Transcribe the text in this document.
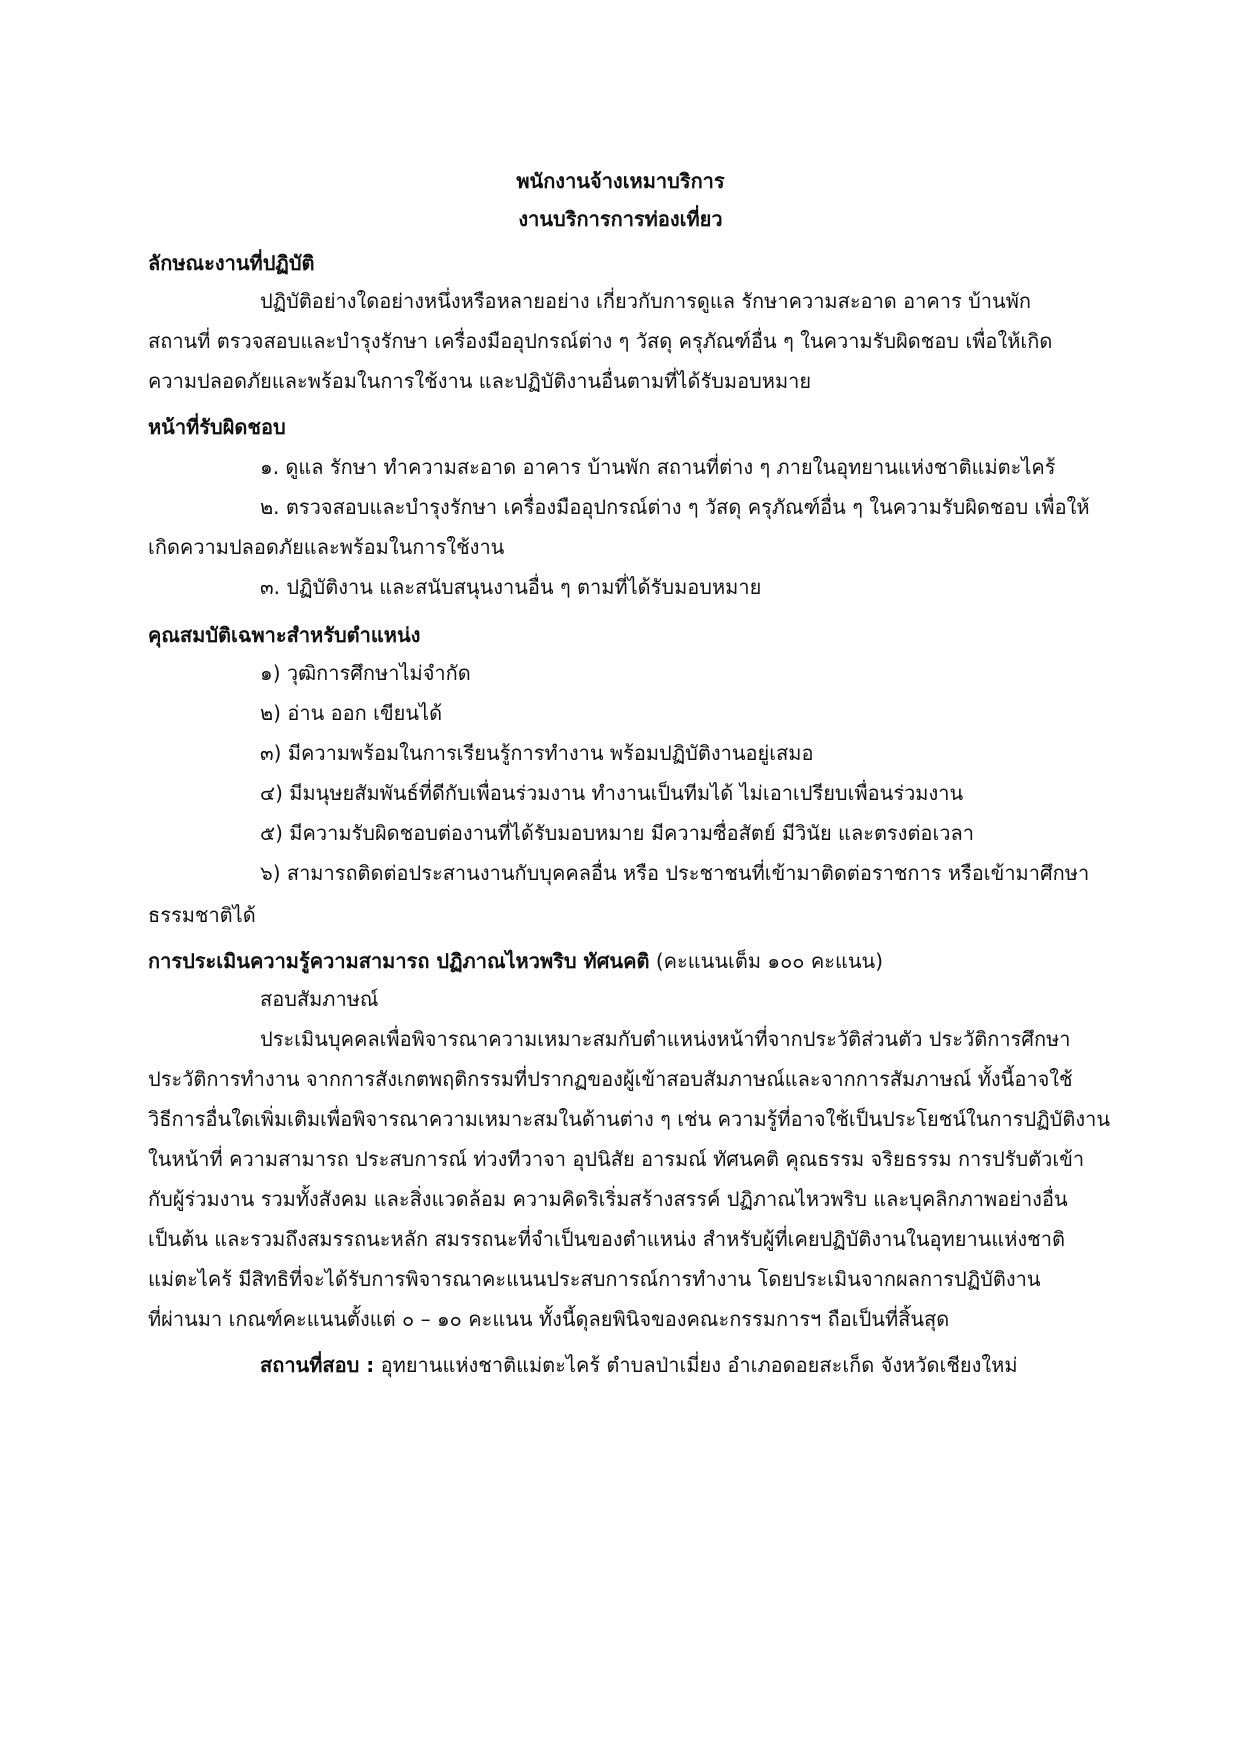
พนักงานจ้างเหมาบริการ
งานบริการการท่องเที่ยว
ลักษณะงานที่ปฏิบัติ
ปฏิบัติอย่างใดอย่างหนึ่งหรือหลายอย่าง เกี่ยวกับการดูแล รักษาความสะอาด อาคาร บ้านพัก
สถานที่ ตรวจสอบและบำรุงรักษา เครื่องมืออุปกรณ์ต่าง ๆ วัสดุ ครุภัณฑ์อื่น ๆ ในความรับผิดชอบ เพื่อให้เกิด
ความปลอดภัยและพร้อมในการใช้งาน และปฏิบัติงานอื่นตามที่ได้รับมอบหมาย
หน้าที่รับผิดชอบ
๑. ดูแล รักษา ทำความสะอาด อาคาร บ้านพัก สถานที่ต่าง ๆ ภายในอุทยานแห่งชาติแม่ตะไคร้
๒. ตรวจสอบและบำรุงรักษา เครื่องมืออุปกรณ์ต่าง ๆ วัสดุ ครุภัณฑ์อื่น ๆ ในความรับผิดชอบ เพื่อให้
เกิดความปลอดภัยและพร้อมในการใช้งาน
๓. ปฏิบัติงาน และสนับสนุนงานอื่น ๆ ตามที่ได้รับมอบหมาย
คุณสมบัติเฉพาะสำหรับตำแหน่ง
๑) วุฒิการศึกษาไม่จำกัด
๒) อ่าน ออก เขียนได้
๓) มีความพร้อมในการเรียนรู้การทำงาน พร้อมปฏิบัติงานอยู่เสมอ
๔) มีมนุษยสัมพันธ์ที่ดีกับเพื่อนร่วมงาน ทำงานเป็นทีมได้ ไม่เอาเปรียบเพื่อนร่วมงาน
๕) มีความรับผิดชอบต่องานที่ได้รับมอบหมาย มีความซื่อสัตย์ มีวินัย และตรงต่อเวลา
๖) สามารถติดต่อประสานงานกับบุคคลอื่น หรือ ประชาชนที่เข้ามาติดต่อราชการ หรือเข้ามาศึกษา
ธรรมชาติได้
การประเมินความรู้ความสามารถ ปฏิภาณไหวพริบ ทัศนคติ (คะแนนเต็ม ๑๐๐ คะแนน)
สอบสัมภาษณ์
ประเมินบุคคลเพื่อพิจารณาความเหมาะสมกับตำแหน่งหน้าที่จากประวัติส่วนตัว ประวัติการศึกษา
ประวัติการทำงาน จากการสังเกตพฤติกรรมที่ปรากฏของผู้เข้าสอบสัมภาษณ์และจากการสัมภาษณ์ ทั้งนี้อาจใช้
วิธีการอื่นใดเพิ่มเติมเพื่อพิจารณาความเหมาะสมในด้านต่าง ๆ เช่น ความรู้ที่อาจใช้เป็นประโยชน์ในการปฏิบัติงาน
ในหน้าที่ ความสามารถ ประสบการณ์ ท่วงทีวาจา อุปนิสัย อารมณ์ ทัศนคติ คุณธรรม จริยธรรม การปรับตัวเข้า
กับผู้ร่วมงาน รวมทั้งสังคม และสิ่งแวดล้อม ความคิดริเริ่มสร้างสรรค์ ปฏิภาณไหวพริบ และบุคลิกภาพอย่างอื่น
เป็นต้น และรวมถึงสมรรถนะหลัก สมรรถนะที่จำเป็นของตำแหน่ง สำหรับผู้ที่เคยปฏิบัติงานในอุทยานแห่งชาติ
แม่ตะไคร้ มีสิทธิที่จะได้รับการพิจารณาคะแนนประสบการณ์การทำงาน โดยประเมินจากผลการปฏิบัติงาน
ที่ผ่านมา เกณฑ์คะแนนตั้งแต่ ๐ – ๑๐ คะแนน ทั้งนี้ดุลยพินิจของคณะกรรมการฯ ถือเป็นที่สิ้นสุด
สถานที่สอบ : อุทยานแห่งชาติแม่ตะไคร้ ตำบลป่าเมี่ยง อำเภอดอยสะเก็ด จังหวัดเชียงใหม่
